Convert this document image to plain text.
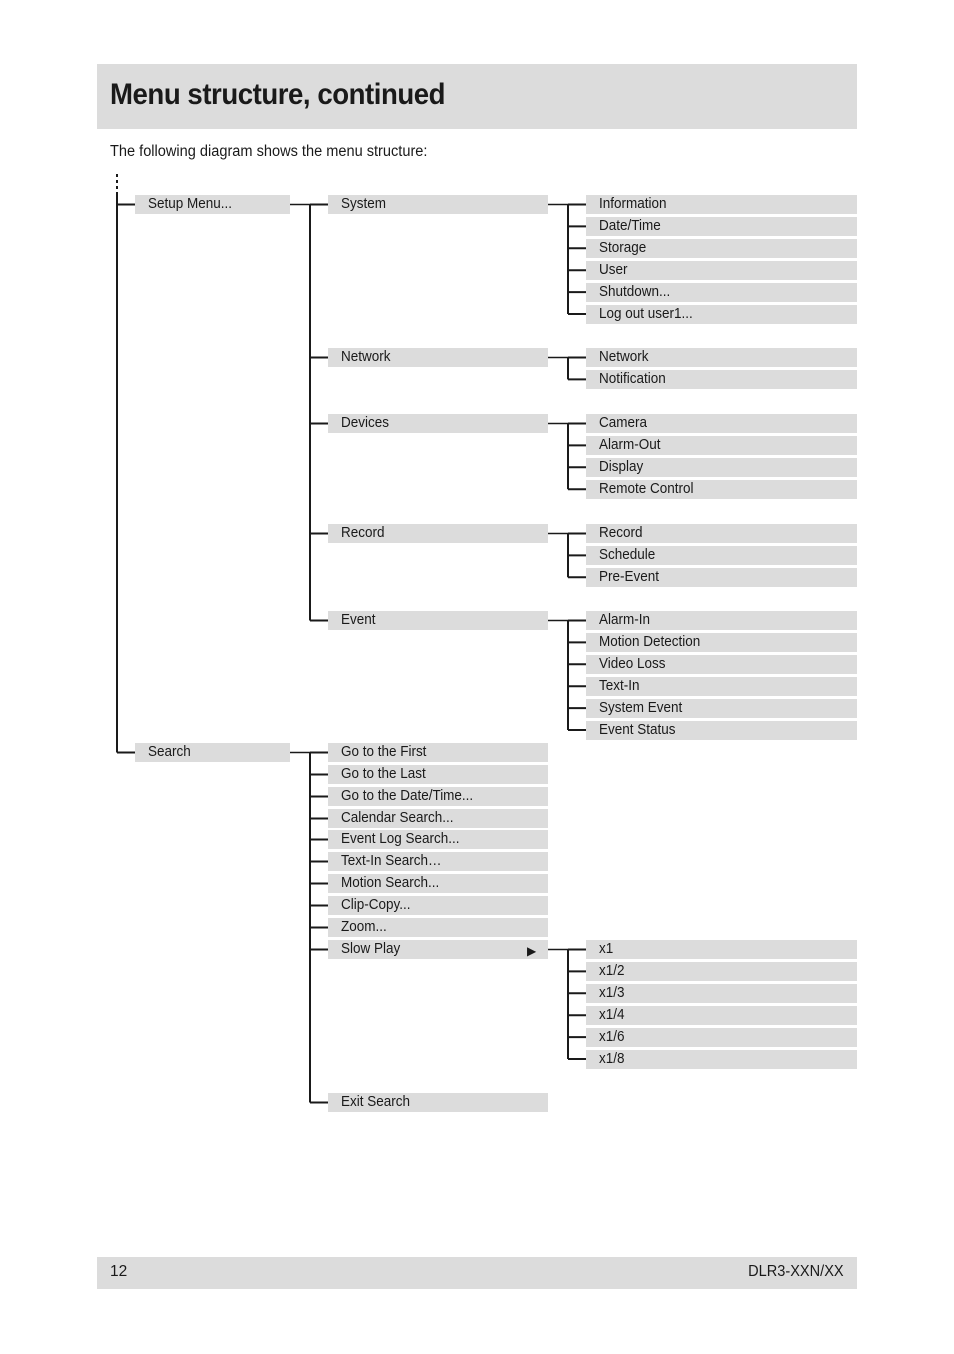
Menu structure, continued
The following diagram shows the menu structure:
Setup Menu...	System	Information
Date/Time
Storage
User
Shutdown...
Log out user1...
Network	Network
Notification
Devices	Camera
Alarm-Out
Display
Remote Control
Record	Record
Schedule
Pre-Event
Event	Alarm-In
Motion Detection
Video Loss
Text-In
System Event
Event Status
Search	Go to the First
Go to the Last
Go to the Date/Time...
Calendar Search...
Event Log Search...
Text-In Search…
Motion Search...
Clip-Copy...
Zoom...
Slow Play	x1
x1/2
x1/3
x1/4
x1/6
x1/8
Exit Search
▶
12	DLR3-XXN/XX
